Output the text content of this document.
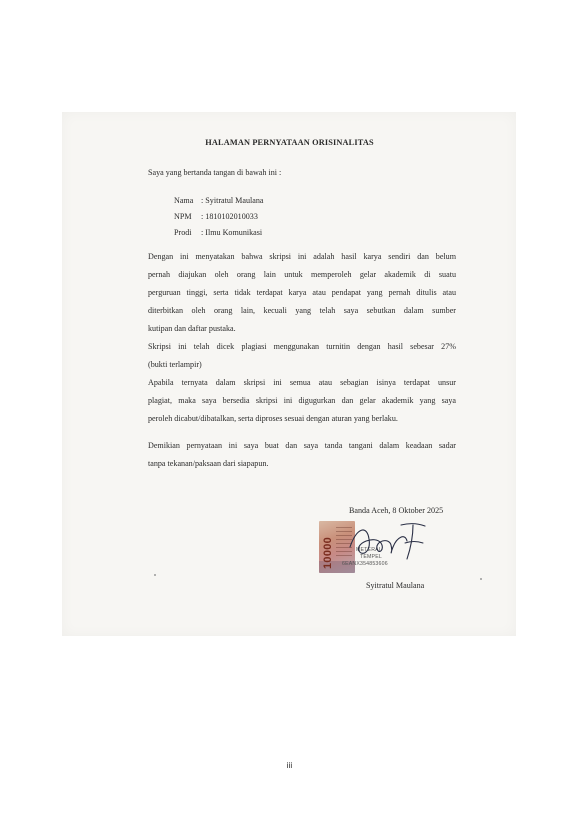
HALAMAN PERNYATAAN ORISINALITAS
Saya yang bertanda tangan di bawah ini :
Nama : Syitratul Maulana
NPM : 1810102010033
Prodi : Ilmu Komunikasi
Dengan ini menyatakan bahwa skripsi ini adalah hasil karya sendiri dan belum
pernah diajukan oleh orang lain untuk memperoleh gelar akademik di suatu
perguruan tinggi, serta tidak terdapat karya atau pendapat yang pernah ditulis atau
diterbitkan oleh orang lain, kecuali yang telah saya sebutkan dalam sumber
kutipan dan daftar pustaka.
Skripsi ini telah dicek plagiasi menggunakan turnitin dengan hasil sebesar 27%
(bukti terlampir)
Apabila ternyata dalam skripsi ini semua atau sebagian isinya terdapat unsur
plagiat, maka saya bersedia skripsi ini digugurkan dan gelar akademik yang saya
peroleh dicabut/dibatalkan, serta diproses sesuai dengan aturan yang berlaku.
Demikian pernyataan ini saya buat dan saya tanda tangani dalam keadaan sadar
tanpa tekanan/paksaan dari siapapun.
Banda Aceh, 8 Oktober 2025
10000	METERAI
TEMPEL
6EANX354853606
Syitratul Maulana
iii
